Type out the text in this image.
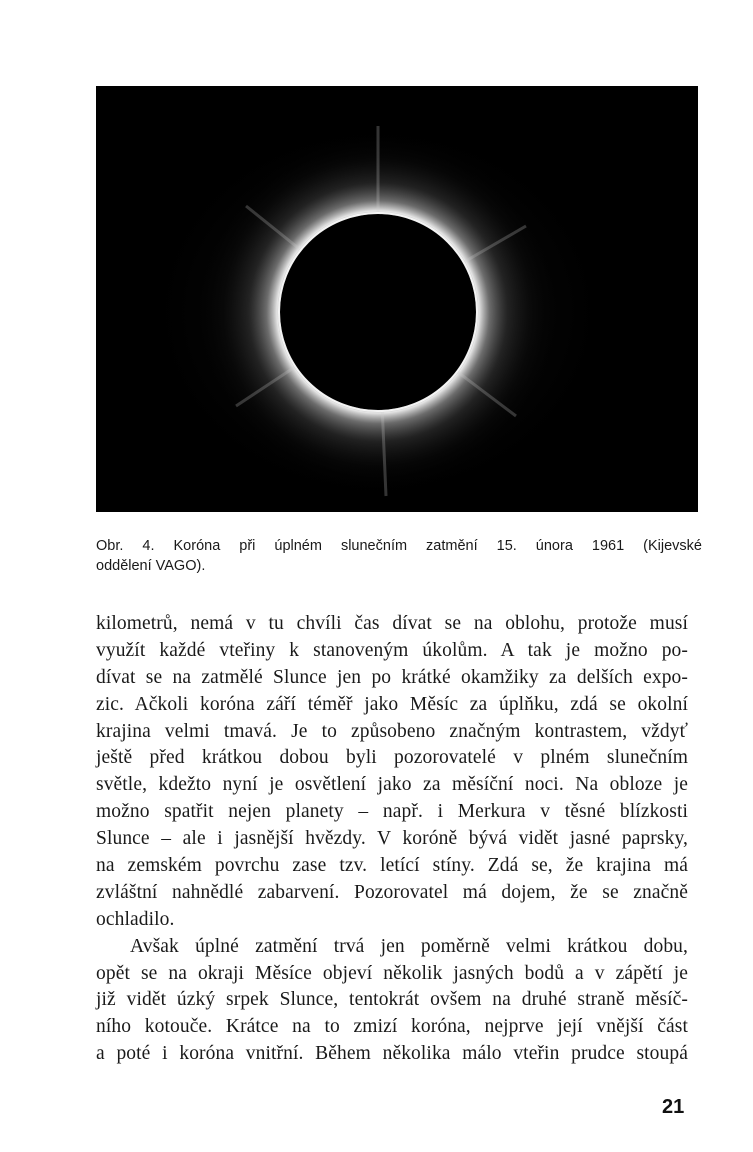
Obr. 4. Koróna při úplném slunečním zatmění 15. února 1961 (Kijevské
oddělení VAGO).
kilometrů, nemá v tu chvíli čas dívat se na oblohu, protože musí
využít každé vteřiny k stanoveným úkolům. A tak je možno po-
dívat se na zatmělé Slunce jen po krátké okamžiky za delších expo-
zic. Ačkoli koróna září téměř jako Měsíc za úplňku, zdá se okolní
krajina velmi tmavá. Je to způsobeno značným kontrastem, vždyť
ještě před krátkou dobou byli pozorovatelé v plném slunečním
světle, kdežto nyní je osvětlení jako za měsíční noci. Na obloze je
možno spatřit nejen planety – např. i Merkura v těsné blízkosti
Slunce – ale i jasnější hvězdy. V koróně bývá vidět jasné paprsky,
na zemském povrchu zase tzv. letící stíny. Zdá se, že krajina má
zvláštní nahnědlé zabarvení. Pozorovatel má dojem, že se značně
ochladilo.
Avšak úplné zatmění trvá jen poměrně velmi krátkou dobu,
opět se na okraji Měsíce objeví několik jasných bodů a v zápětí je
již vidět úzký srpek Slunce, tentokrát ovšem na druhé straně měsíč-
ního kotouče. Krátce na to zmizí koróna, nejprve její vnější část
a poté i koróna vnitřní. Během několika málo vteřin prudce stoupá
21
